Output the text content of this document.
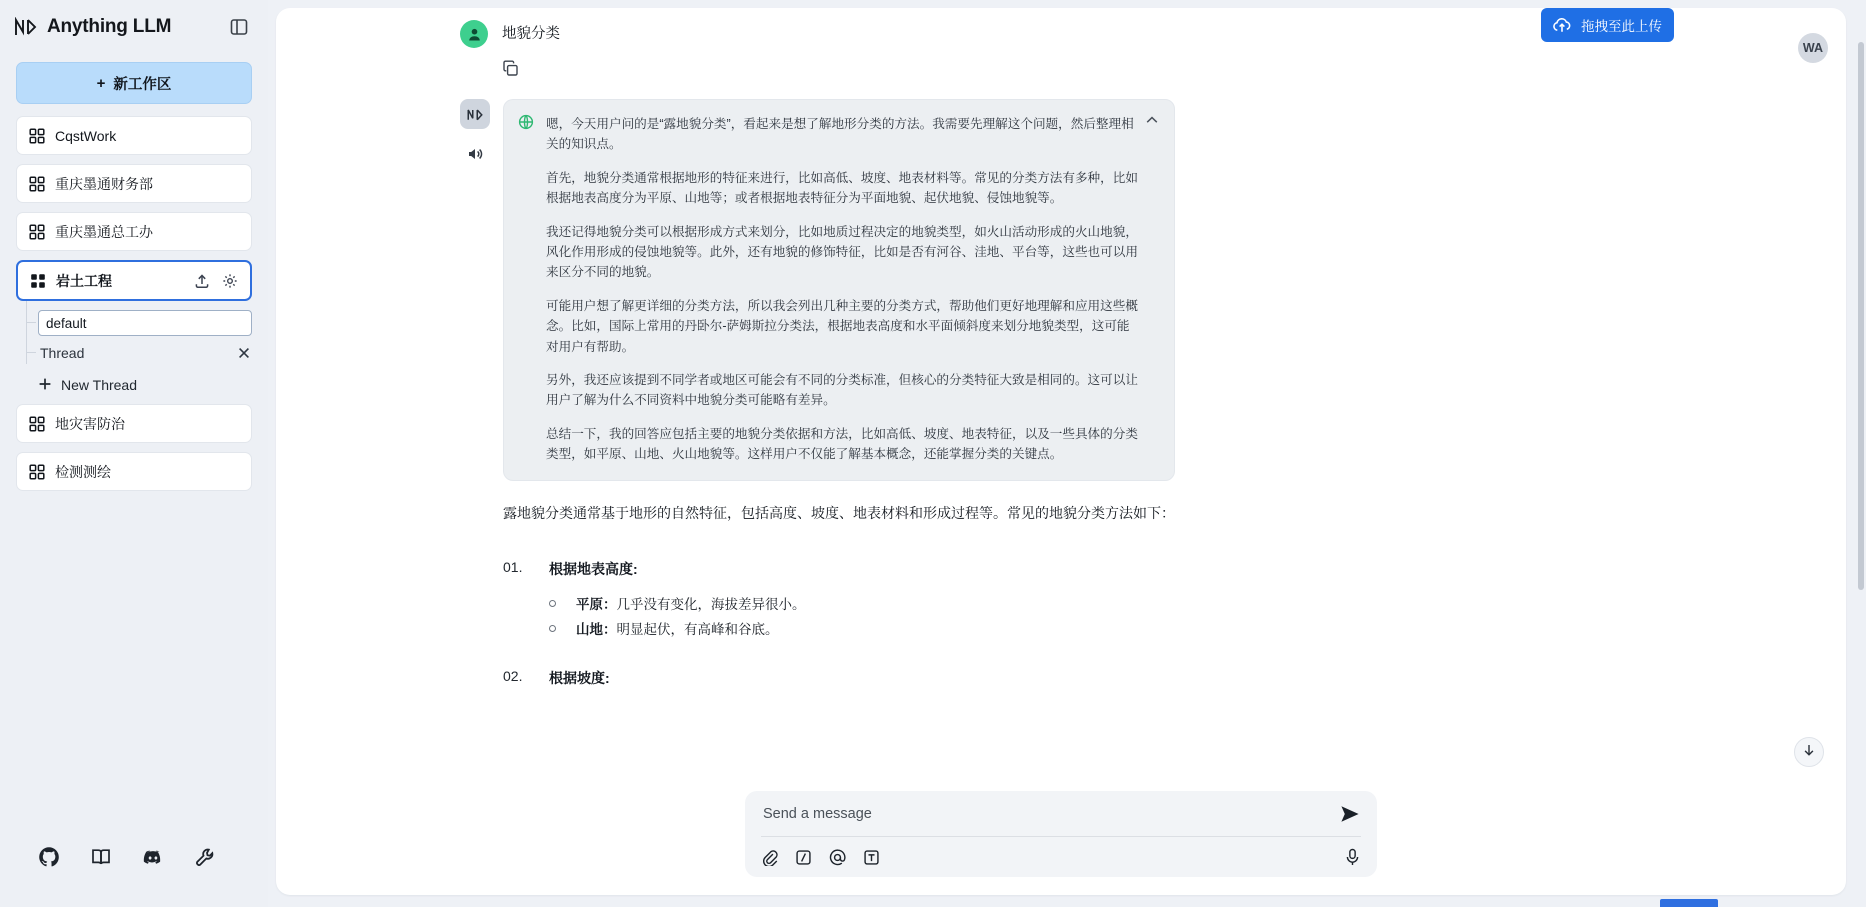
Anything LLM
+ 新工作区
CqstWork
重庆墨通财务部
重庆墨通总工办
岩土工程
default
Thread
New Thread
地灾害防治
检测测绘
拖拽至此上传
WA
地貌分类

嗯，今天用户问的是“露地貌分类”，看起来是想了解地形分类的方法。我需要先理解这个问题，然后整理相关的知识点。

首先，地貌分类通常根据地形的特征来进行，比如高低、坡度、地表材料等。常见的分类方法有多种，比如根据地表高度分为平原、山地等；或者根据地表特征分为平面地貌、起伏地貌、侵蚀地貌等。

我还记得地貌分类可以根据形成方式来划分，比如地质过程决定的地貌类型，如火山活动形成的火山地貌，风化作用形成的侵蚀地貌等。此外，还有地貌的修饰特征，比如是否有河谷、洼地、平台等，这些也可以用来区分不同的地貌。

可能用户想了解更详细的分类方法，所以我会列出几种主要的分类方式，帮助他们更好地理解和应用这些概念。比如，国际上常用的丹卧尔-萨姆斯拉分类法，根据地表高度和水平面倾斜度来划分地貌类型，这可能对用户有帮助。

另外，我还应该提到不同学者或地区可能会有不同的分类标准，但核心的分类特征大致是相同的。这可以让用户了解为什么不同资料中地貌分类可能略有差异。

总结一下，我的回答应包括主要的地貌分类依据和方法，比如高低、坡度、地表特征，以及一些具体的分类类型，如平原、山地、火山地貌等。这样用户不仅能了解基本概念，还能掌握分类的关键点。

露地貌分类通常基于地形的自然特征，包括高度、坡度、地表材料和形成过程等。常见的地貌分类方法如下：

01.	根据地表高度:
平原：几乎没有变化，海拔差异很小。
山地：明显起伏，有高峰和谷底。
02.	根据坡度:
Send a message
